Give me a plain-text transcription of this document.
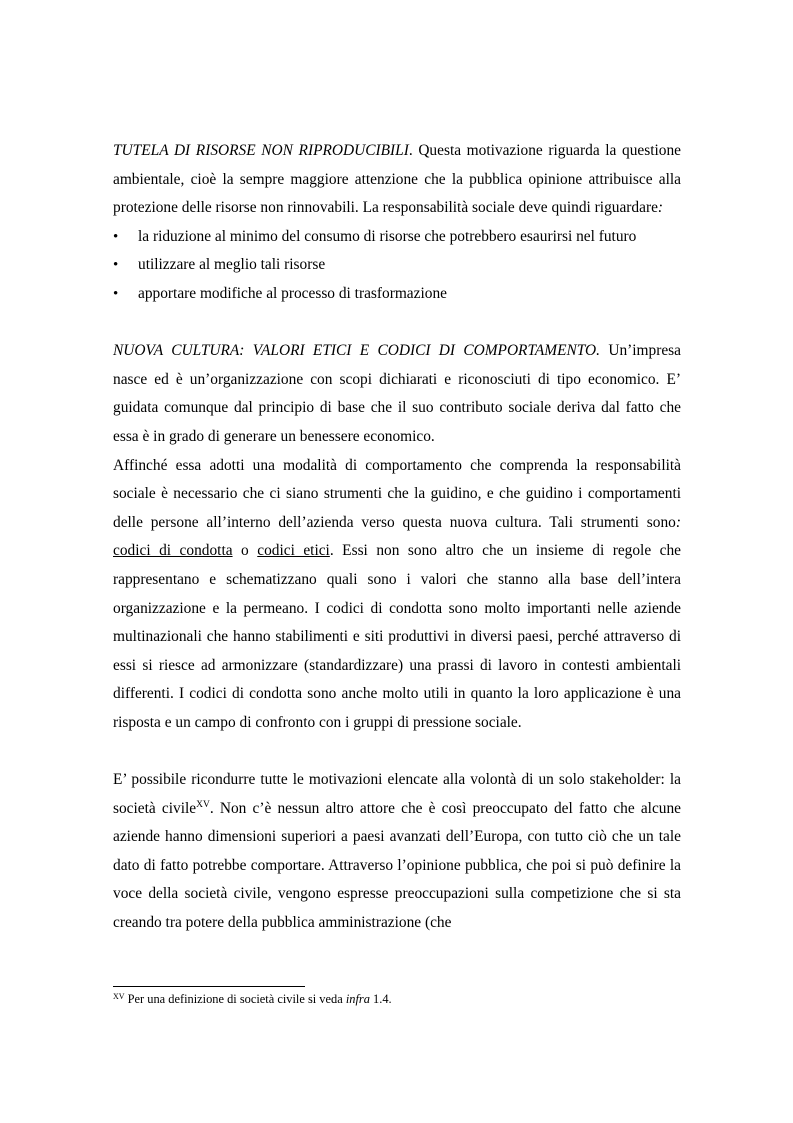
TUTELA DI RISORSE NON RIPRODUCIBILI. Questa motivazione riguarda la questione ambientale, cioè la sempre maggiore attenzione che la pubblica opinione attribuisce alla protezione delle risorse non rinnovabili. La responsabilità sociale deve quindi riguardare:

• la riduzione al minimo del consumo di risorse che potrebbero esaurirsi nel futuro
• utilizzare al meglio tali risorse
• apportare modifiche al processo di trasformazione

NUOVA CULTURA: VALORI ETICI E CODICI DI COMPORTAMENTO. Un’impresa nasce ed è un’organizzazione con scopi dichiarati e riconosciuti di tipo economico. E’ guidata comunque dal principio di base che il suo contributo sociale deriva dal fatto che essa è in grado di generare un benessere economico.

Affinché essa adotti una modalità di comportamento che comprenda la responsabilità sociale è necessario che ci siano strumenti che la guidino, e che guidino i comportamenti delle persone all’interno dell’azienda verso questa nuova cultura. Tali strumenti sono: codici di condotta o codici etici. Essi non sono altro che un insieme di regole che rappresentano e schematizzano quali sono i valori che stanno alla base dell’intera organizzazione e la permeano. I codici di condotta sono molto importanti nelle aziende multinazionali che hanno stabilimenti e siti produttivi in diversi paesi, perché attraverso di essi si riesce ad armonizzare (standardizzare) una prassi di lavoro in contesti ambientali differenti. I codici di condotta sono anche molto utili in quanto la loro applicazione è una risposta e un campo di confronto con i gruppi di pressione sociale.

E’ possibile ricondurre tutte le motivazioni elencate alla volontà di un solo stakeholder: la società civile$^{XV}$. Non c’è nessun altro attore che è così preoccupato del fatto che alcune aziende hanno dimensioni superiori a paesi avanzati dell’Europa, con tutto ciò che un tale dato di fatto potrebbe comportare. Attraverso l’opinione pubblica, che poi si può definire la voce della società civile, vengono espresse preoccupazioni sulla competizione che si sta creando tra potere della pubblica amministrazione (che

$^{XV}$ Per una definizione di società civile si veda infra 1.4.
